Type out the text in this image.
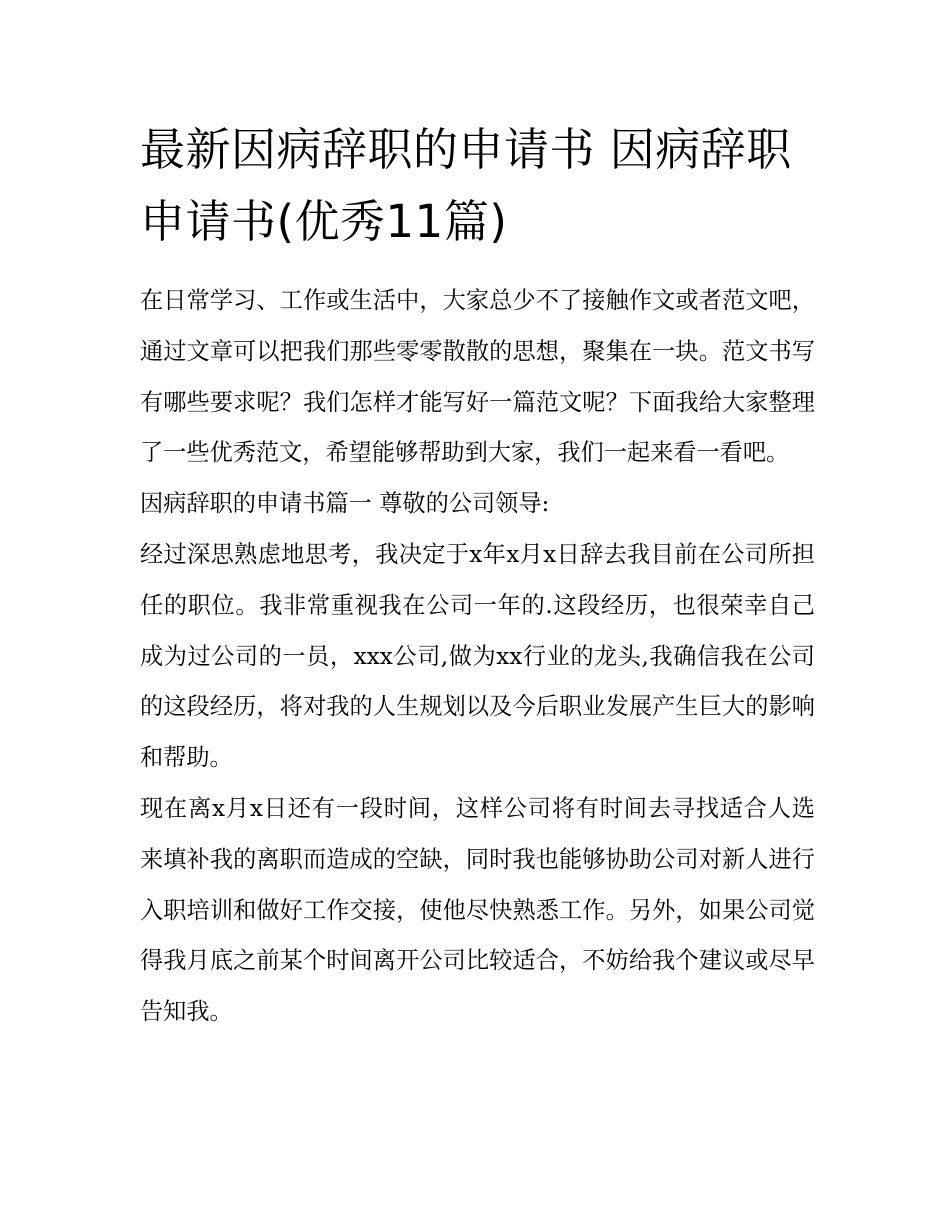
最新因病辞职的申请书 因病辞职申请书(优秀11篇)

在日常学习、工作或生活中，大家总少不了接触作文或者范文吧，通过文章可以把我们那些零零散散的思想，聚集在一块。范文书写有哪些要求呢？我们怎样才能写好一篇范文呢？下面我给大家整理了一些优秀范文，希望能够帮助到大家，我们一起来看一看吧。

因病辞职的申请书篇一 尊敬的公司领导:

经过深思熟虑地思考，我决定于x年x月x日辞去我目前在公司所担任的职位。我非常重视我在公司一年的.这段经历，也很荣幸自己成为过公司的一员，xxx公司,做为xx行业的龙头,我确信我在公司的这段经历，将对我的人生规划以及今后职业发展产生巨大的影响和帮助。

现在离x月x日还有一段时间，这样公司将有时间去寻找适合人选来填补我的离职而造成的空缺，同时我也能够协助公司对新人进行入职培训和做好工作交接，使他尽快熟悉工作。另外，如果公司觉得我月底之前某个时间离开公司比较适合，不妨给我个建议或尽早告知我。
